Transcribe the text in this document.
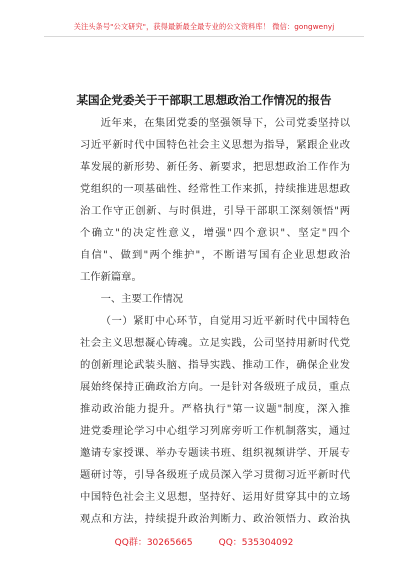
关注头条号"公文研究"，获得最新最全最专业的公文资料库！ 微信：gongwenyj
某国企党委关于干部职工思想政治工作情况的报告

近年来，在集团党委的坚强领导下，公司党委坚持以
习近平新时代中国特色社会主义思想为指导，紧跟企业改
革发展的新形势、新任务、新要求，把思想政治工作作为
党组织的一项基础性、经常性工作来抓，持续推进思想政
治工作守正创新、与时俱进，引导干部职工深刻领悟"两
个确立"的决定性意义，增强"四个意识"、坚定"四个
自信"、做到"两个维护"，不断谱写国有企业思想政治
工作新篇章。

一、主要工作情况

（一）紧盯中心环节，自觉用习近平新时代中国特色
社会主义思想凝心铸魂。立足实践，公司坚持用新时代党
的创新理论武装头脑、指导实践、推动工作，确保企业发
展始终保持正确政治方向。一是针对各级班子成员，重点
推动政治能力提升。严格执行"第一议题"制度，深入推
进党委理论学习中心组学习列席旁听工作机制落实，通过
邀请专家授课、举办专题读书班、组织视频讲学、开展专
题研讨等，引导各级班子成员深入学习贯彻习近平新时代
中国特色社会主义思想，坚持好、运用好贯穿其中的立场
观点和方法，持续提升政治判断力、政治领悟力、政治执

QQ群：30265665	QQ：535304092
